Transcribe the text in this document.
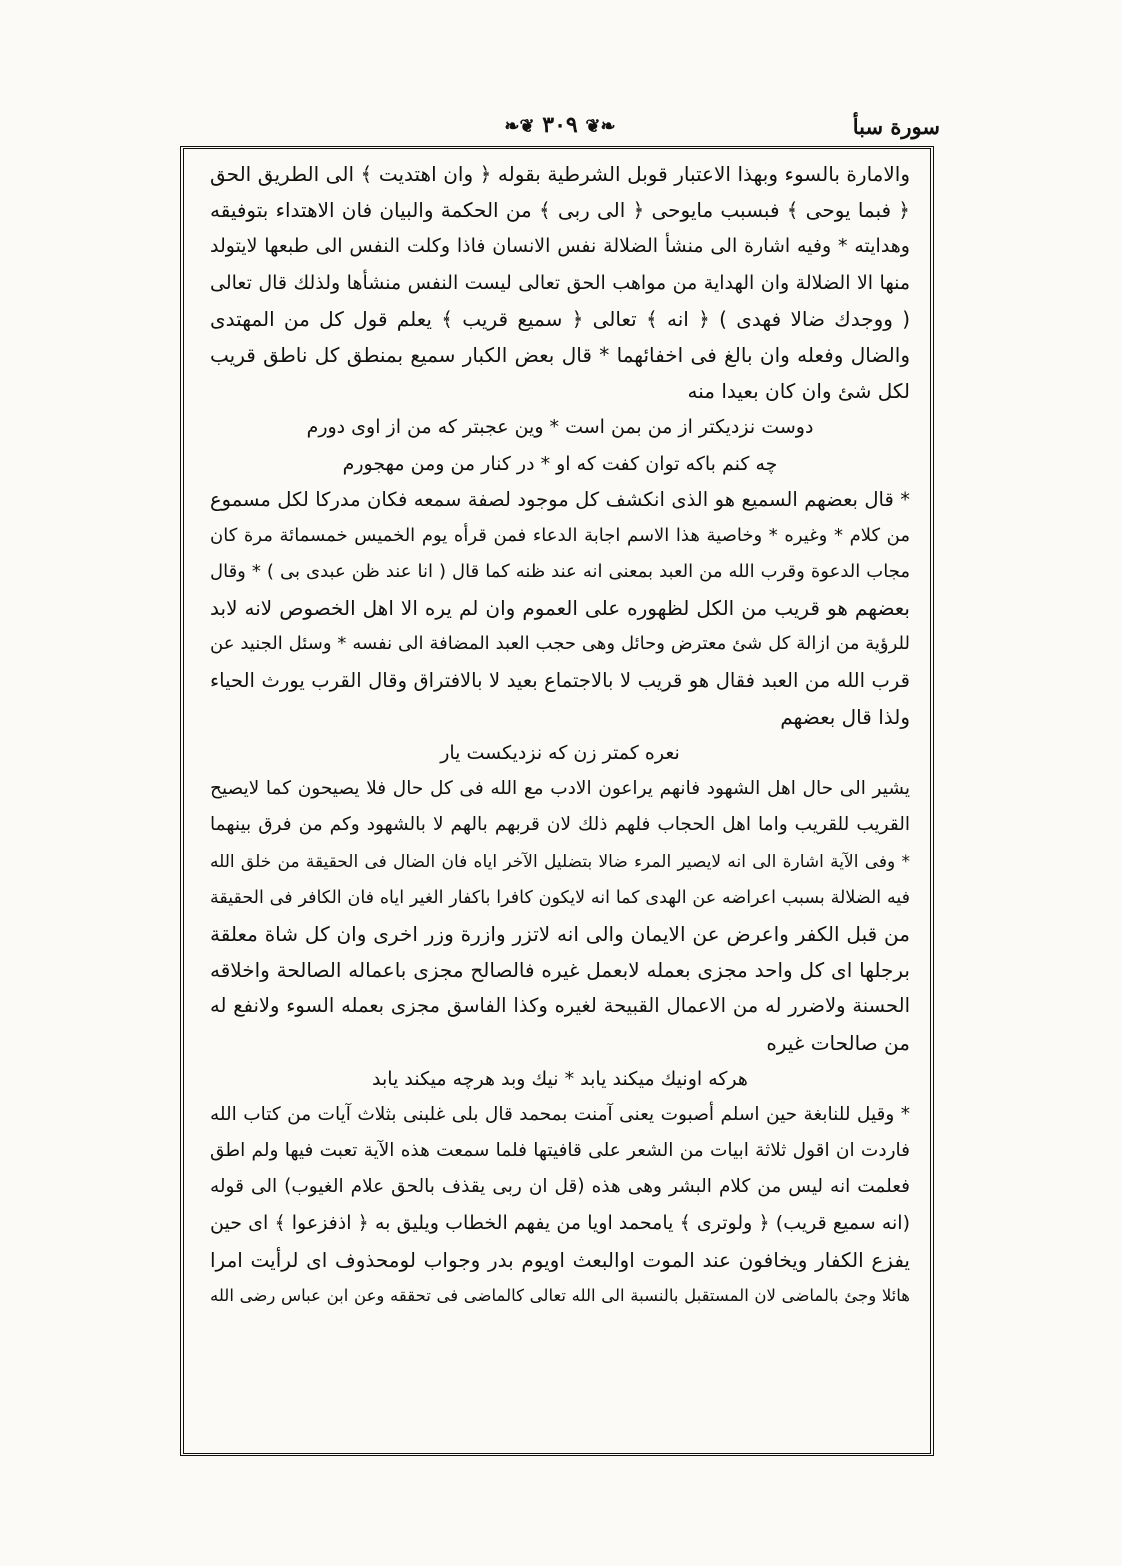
سورة سبأ
❧❦ ٣٠٩ ❦❧
والامارة بالسوء وبهذا الاعتبار قوبل الشرطية بقوله ﴿ وان اهتديت ﴾ الى الطريق الحق
﴿ فبما يوحى ﴾ فبسبب مايوحى ﴿ الى ربى ﴾ من الحكمة والبيان فان الاهتداء بتوفيقه
وهدايته * وفيه اشارة الى منشأ الضلالة نفس الانسان فاذا وكلت النفس الى طبعها لايتولد
منها الا الضلالة وان الهداية من مواهب الحق تعالى ليست النفس منشأها ولذلك قال تعالى
( ووجدك ضالا فهدى ) ﴿ انه ﴾ تعالى ﴿ سميع قريب ﴾ يعلم قول كل من المهتدى
والضال وفعله وان بالغ فى اخفائهما * قال بعض الكبار سميع بمنطق كل ناطق قريب
لكل شئ وان كان بعيدا منه
دوست نزديكتر از من بمن است * وين عجبتر كه من از اوى دورم
چه كنم باكه توان كفت كه او * در كنار من ومن مهجورم
* قال بعضهم السميع هو الذى انكشف كل موجود لصفة سمعه فكان مدركا لكل مسموع
من كلام * وغيره * وخاصية هذا الاسم اجابة الدعاء فمن قرأه يوم الخميس خمسمائة مرة كان
مجاب الدعوة وقرب الله من العبد بمعنى انه عند ظنه كما قال ( انا عند ظن عبدى بى ) * وقال
بعضهم هو قريب من الكل لظهوره على العموم وان لم يره الا اهل الخصوص لانه لابد
للرؤية من ازالة كل شئ معترض وحائل وهى حجب العبد المضافة الى نفسه * وسئل الجنيد عن
قرب الله من العبد فقال هو قريب لا بالاجتماع بعيد لا بالافتراق وقال القرب يورث الحياء
ولذا قال بعضهم
نعره كمتر زن كه نزديكست يار
يشير الى حال اهل الشهود فانهم يراعون الادب مع الله فى كل حال فلا يصيحون كما لايصيح
القريب للقريب واما اهل الحجاب فلهم ذلك لان قربهم بالهم لا بالشهود وكم من فرق بينهما
* وفى الآية اشارة الى انه لايصير المرء ضالا بتضليل الآخر اياه فان الضال فى الحقيقة من خلق الله
فيه الضلالة بسبب اعراضه عن الهدى كما انه لايكون كافرا باكفار الغير اياه فان الكافر فى الحقيقة
من قبل الكفر واعرض عن الايمان والى انه لاتزر وازرة وزر اخرى وان كل شاة معلقة
برجلها اى كل واحد مجزى بعمله لابعمل غيره فالصالح مجزى باعماله الصالحة واخلاقه
الحسنة ولاضرر له من الاعمال القبيحة لغيره وكذا الفاسق مجزى بعمله السوء ولانفع له
من صالحات غيره
هركه اونيك ميكند يابد * نيك وبد هرچه ميكند يابد
* وقيل للنابغة حين اسلم أصبوت يعنى آمنت بمحمد قال بلى غلبنى بثلاث آيات من كتاب الله
فاردت ان اقول ثلاثة ابيات من الشعر على قافيتها فلما سمعت هذه الآية تعبت فيها ولم اطق
فعلمت انه ليس من كلام البشر وهى هذه (قل ان ربى يقذف بالحق علام الغيوب) الى قوله
(انه سميع قريب) ﴿ ولوترى ﴾ يامحمد اويا من يفهم الخطاب ويليق به ﴿ اذفزعوا ﴾ اى حين
يفزع الكفار ويخافون عند الموت اوالبعث اويوم بدر وجواب لومحذوف اى لرأيت امرا
هائلا وجئ بالماضى لان المستقبل بالنسبة الى الله تعالى كالماضى فى تحققه وعن ابن عباس رضى الله
